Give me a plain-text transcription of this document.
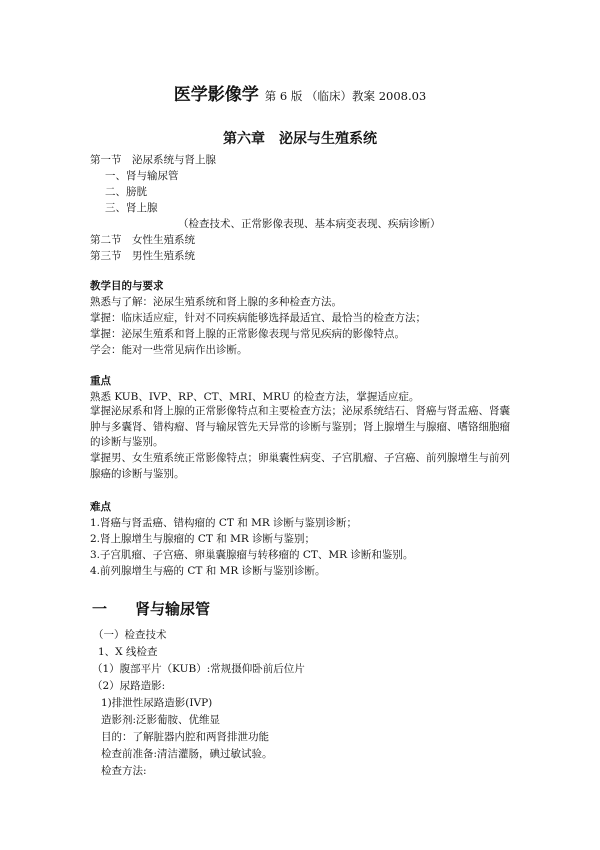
医学影像学 第 6 版 （临床）教案 2008.03
第六章　泌尿与生殖系统
第一节　泌尿系统与肾上腺
一、肾与输尿管
二、膀胱
三、肾上腺
（检查技术、正常影像表现、基本病变表现、疾病诊断）
第二节　女性生殖系统
第三节　男性生殖系统
教学目的与要求
熟悉与了解：泌尿生殖系统和肾上腺的多种检查方法。
掌握：临床适应症，针对不同疾病能够选择最适宜、最恰当的检查方法；
掌握：泌尿生殖系和肾上腺的正常影像表现与常见疾病的影像特点。
学会：能对一些常见病作出诊断。
重点
熟悉 KUB、IVP、RP、CT、MRI、MRU 的检查方法，掌握适应症。
掌握泌尿系和肾上腺的正常影像特点和主要检查方法；泌尿系统结石、肾癌与肾盂癌、肾囊肿与多囊肾、错构瘤、肾与输尿管先天异常的诊断与鉴别；肾上腺增生与腺瘤、嗜铬细胞瘤的诊断与鉴别。
掌握男、女生殖系统正常影像特点；卵巢囊性病变、子宫肌瘤、子宫癌、前列腺增生与前列腺癌的诊断与鉴别。
难点
1.肾癌与肾盂癌、错构瘤的 CT 和 MR 诊断与鉴别诊断；
2.肾上腺增生与腺瘤的 CT 和 MR 诊断与鉴别；
3.子宫肌瘤、子宫癌、卵巢囊腺瘤与转移瘤的 CT、MR 诊断和鉴别。
4.前列腺增生与癌的 CT 和 MR 诊断与鉴别诊断。
一 肾与输尿管
（一）检查技术
1、X 线检查
（1）腹部平片（KUB）:常规摄仰卧前后位片
（2）尿路造影:
1)排泄性尿路造影(IVP)
造影剂:泛影葡胺、优维显
目的：了解脏器内腔和两肾排泄功能
检查前准备:清洁灌肠，碘过敏试验。
检查方法:
